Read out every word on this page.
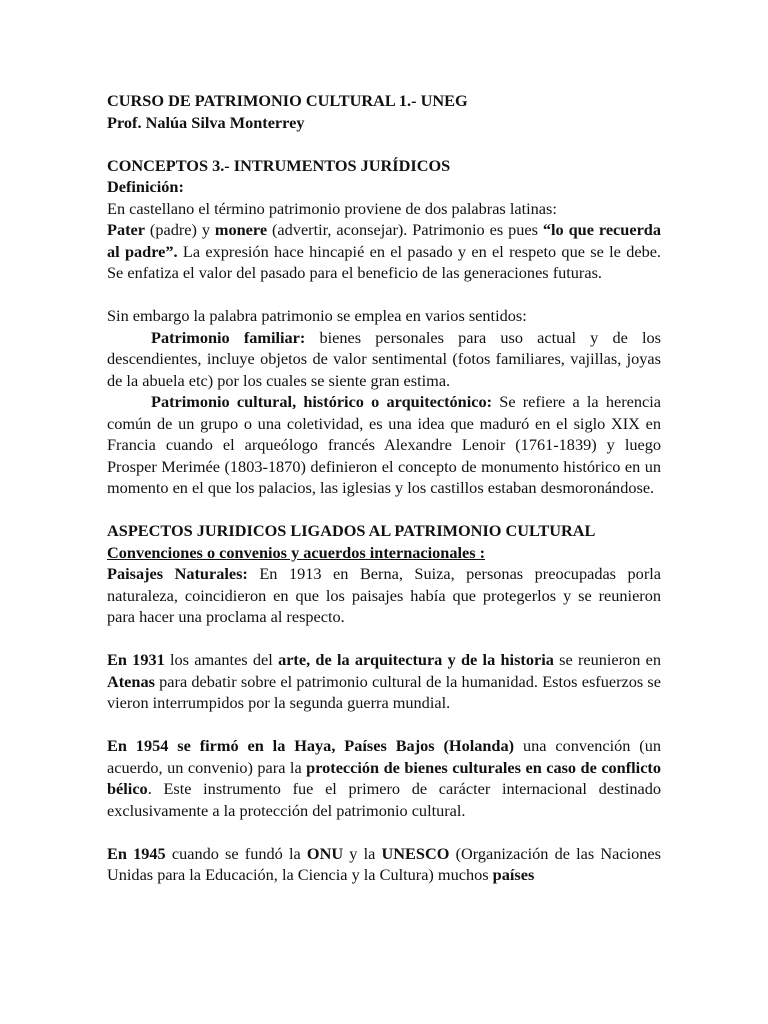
CURSO DE PATRIMONIO CULTURAL 1.- UNEG

Prof. Nalúa Silva Monterrey

CONCEPTOS 3.- INTRUMENTOS JURÍDICOS

Definición:

En castellano el término patrimonio proviene de dos palabras latinas:

Pater (padre) y monere (advertir, aconsejar). Patrimonio es pues “lo que recuerda al padre”. La expresión hace hincapié en el pasado y en el respeto que se le debe. Se enfatiza el valor del pasado para el beneficio de las generaciones futuras.

Sin embargo la palabra patrimonio se emplea en varios sentidos:

Patrimonio familiar: bienes personales para uso actual y de los descendientes, incluye objetos de valor sentimental (fotos familiares, vajillas, joyas de la abuela etc) por los cuales se siente gran estima.

Patrimonio cultural, histórico o arquitectónico: Se refiere a la herencia común de un grupo o una coletividad, es una idea que maduró en el siglo XIX en Francia cuando el arqueólogo francés Alexandre Lenoir (1761-1839) y luego Prosper Merimée (1803-1870) definieron el concepto de monumento histórico en un momento en el que los palacios, las iglesias y los castillos estaban desmoronándose.

ASPECTOS JURIDICOS LIGADOS AL PATRIMONIO CULTURAL

Convenciones o convenios y acuerdos internacionales :

Paisajes Naturales: En 1913 en Berna, Suiza, personas preocupadas porla naturaleza, coincidieron en que los paisajes había que protegerlos y se reunieron para hacer una proclama al respecto.

En 1931 los amantes del arte, de la arquitectura y de la historia se reunieron en Atenas para debatir sobre el patrimonio cultural de la humanidad. Estos esfuerzos se vieron interrumpidos por la segunda guerra mundial.

En 1954 se firmó en la Haya, Países Bajos (Holanda) una convención (un acuerdo, un convenio) para la protección de bienes culturales en caso de conflicto bélico. Este instrumento fue el primero de carácter internacional destinado exclusivamente a la protección del patrimonio cultural.

En 1945 cuando se fundó la ONU y la UNESCO (Organización de las Naciones Unidas para la Educación, la Ciencia y la Cultura) muchos países
